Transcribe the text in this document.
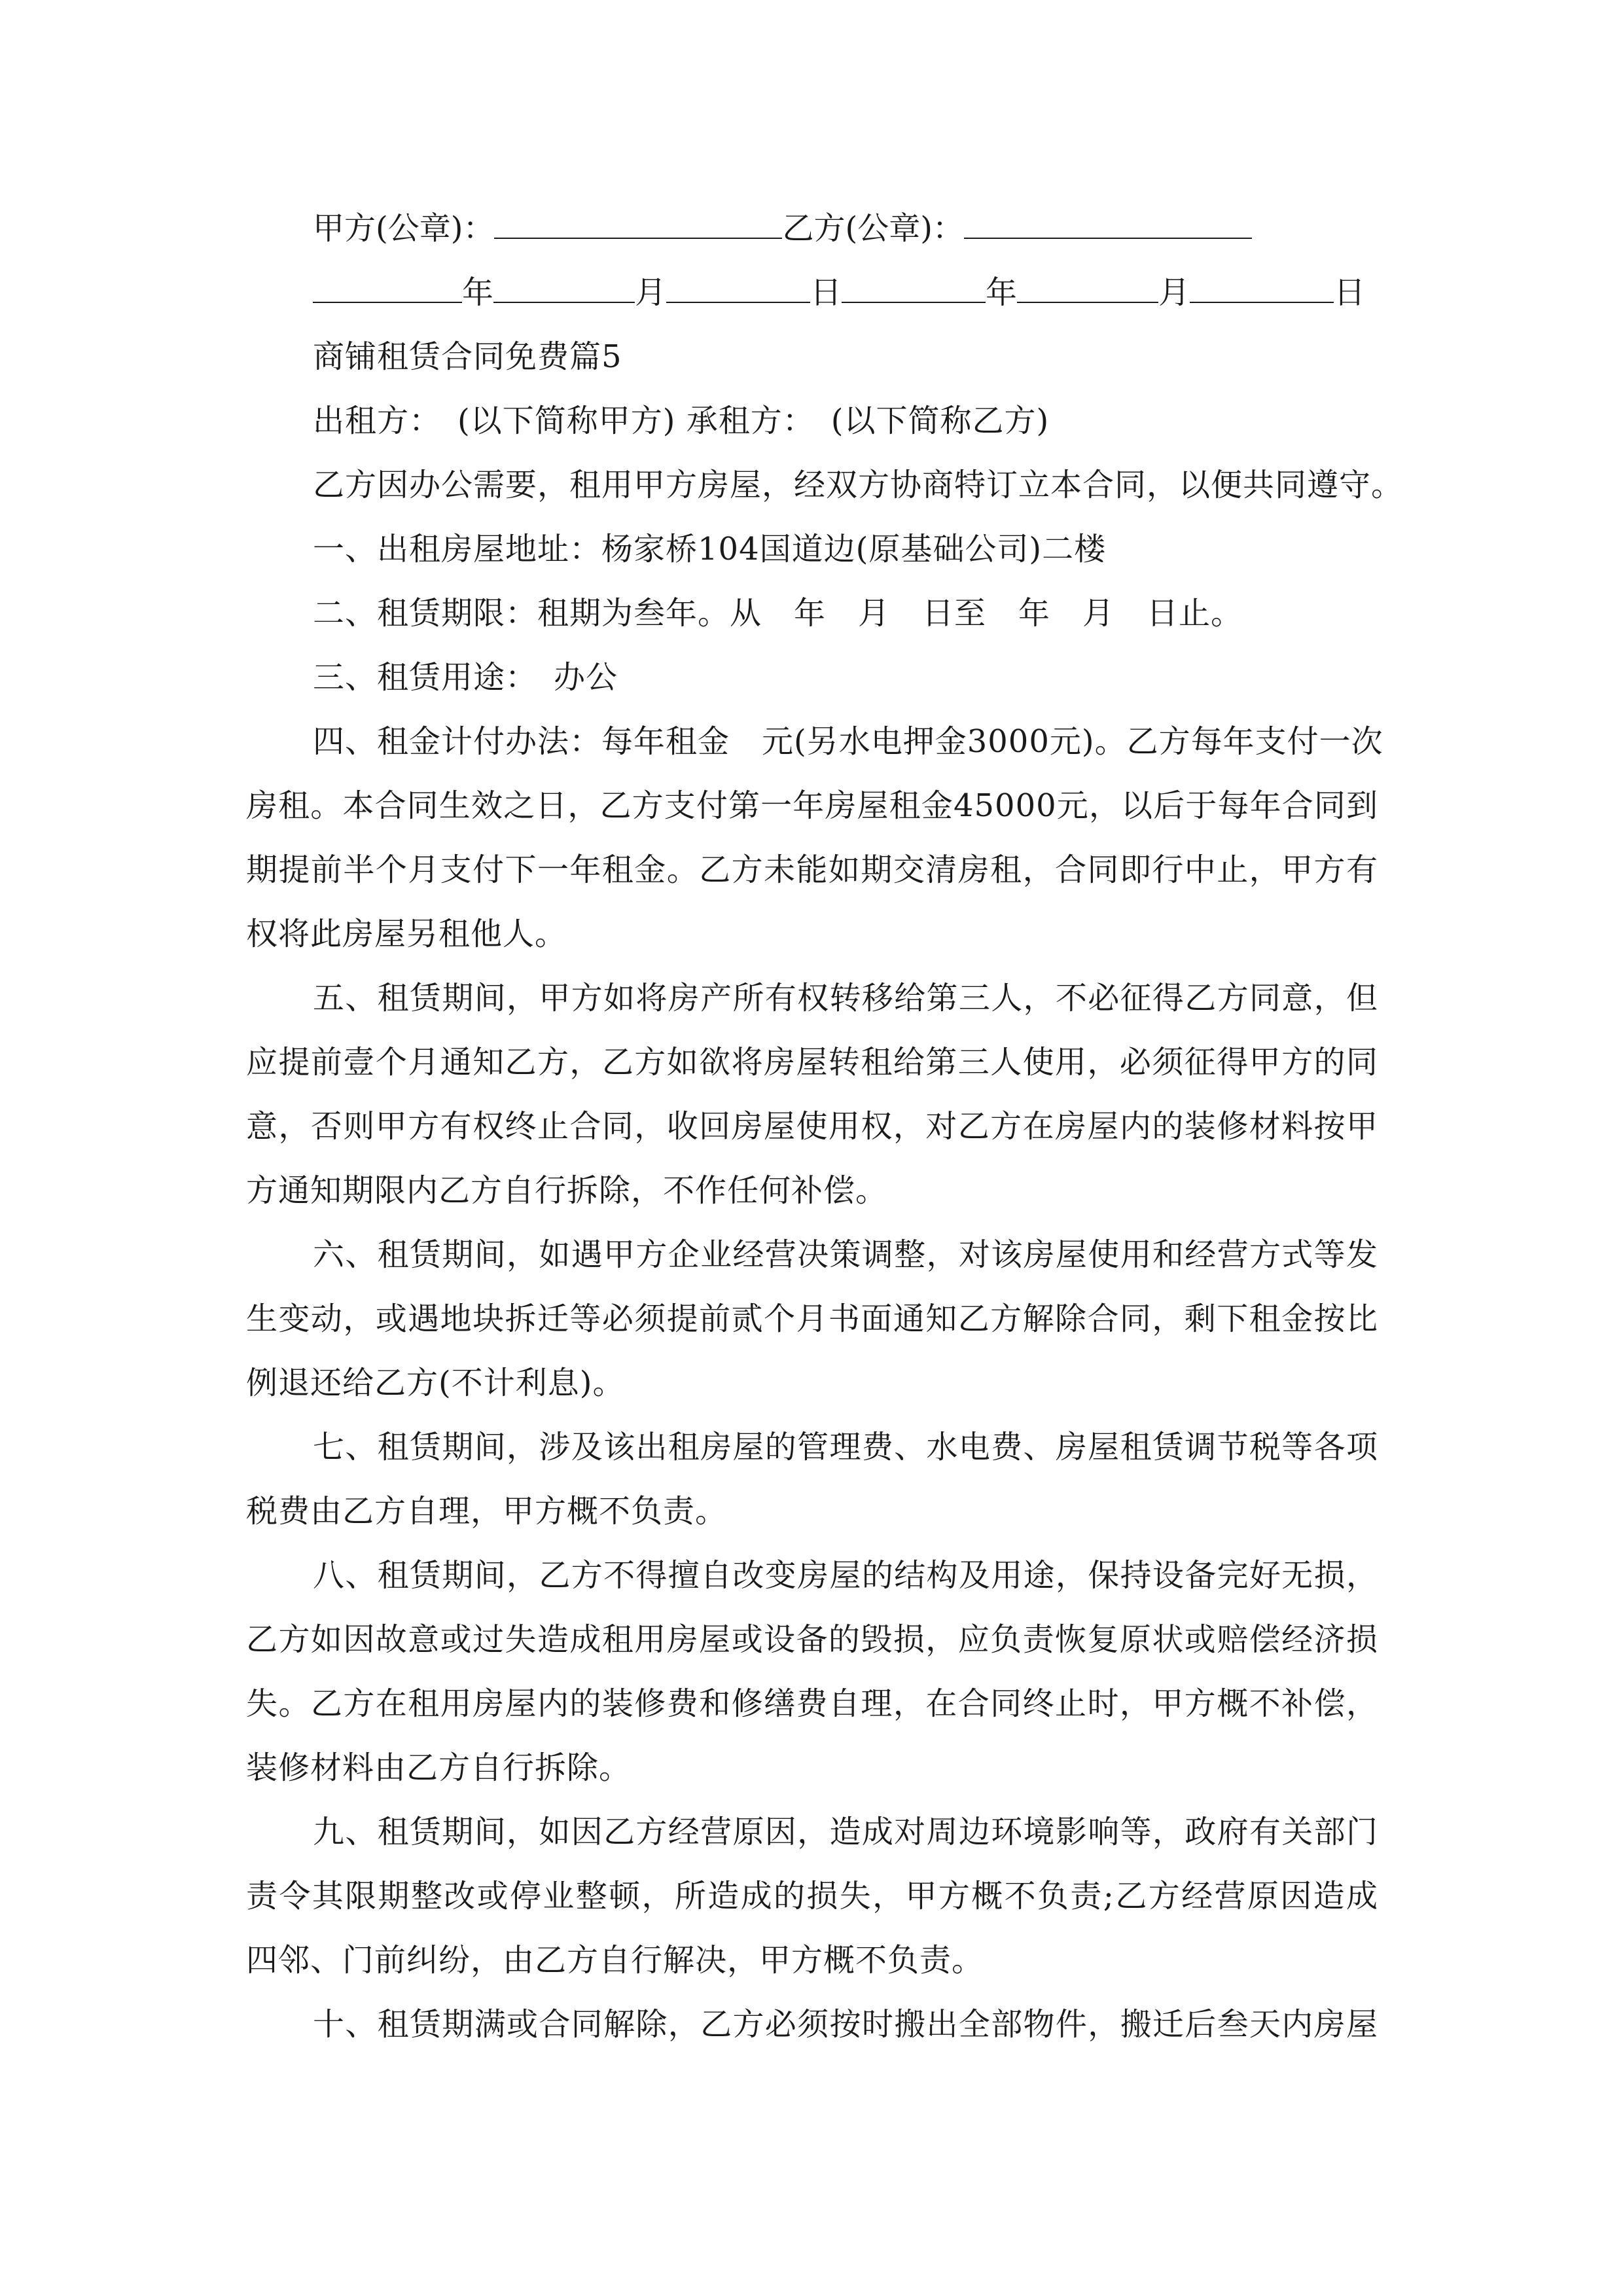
甲方(公章)：	乙方(公章)：
年	月	日	年	月	日
商铺租赁合同免费篇5
出租方：　(以下简称甲方) 承租方：　(以下简称乙方)
乙方因办公需要，租用甲方房屋，经双方协商特订立本合同，以便共同遵守。
一、出租房屋地址：杨家桥104国道边(原基础公司)二楼
二、租赁期限：租期为叁年。从　年　月　日至　年　月　日止。
三、租赁用途：　办公
四、租金计付办法：每年租金　元(另水电押金3000元)。乙方每年支付一次
房租。本合同生效之日，乙方支付第一年房屋租金45000元，以后于每年合同到
期提前半个月支付下一年租金。乙方未能如期交清房租，合同即行中止，甲方有
权将此房屋另租他人。
五、租赁期间，甲方如将房产所有权转移给第三人，不必征得乙方同意，但
应提前壹个月通知乙方，乙方如欲将房屋转租给第三人使用，必须征得甲方的同
意，否则甲方有权终止合同，收回房屋使用权，对乙方在房屋内的装修材料按甲
方通知期限内乙方自行拆除，不作任何补偿。
六、租赁期间，如遇甲方企业经营决策调整，对该房屋使用和经营方式等发
生变动，或遇地块拆迁等必须提前贰个月书面通知乙方解除合同，剩下租金按比
例退还给乙方(不计利息)。
七、租赁期间，涉及该出租房屋的管理费、水电费、房屋租赁调节税等各项
税费由乙方自理，甲方概不负责。
八、租赁期间，乙方不得擅自改变房屋的结构及用途，保持设备完好无损，
乙方如因故意或过失造成租用房屋或设备的毁损，应负责恢复原状或赔偿经济损
失。乙方在租用房屋内的装修费和修缮费自理，在合同终止时，甲方概不补偿，
装修材料由乙方自行拆除。
九、租赁期间，如因乙方经营原因，造成对周边环境影响等，政府有关部门
责令其限期整改或停业整顿，所造成的损失，甲方概不负责;乙方经营原因造成
四邻、门前纠纷，由乙方自行解决，甲方概不负责。
十、租赁期满或合同解除，乙方必须按时搬出全部物件，搬迁后叁天内房屋
